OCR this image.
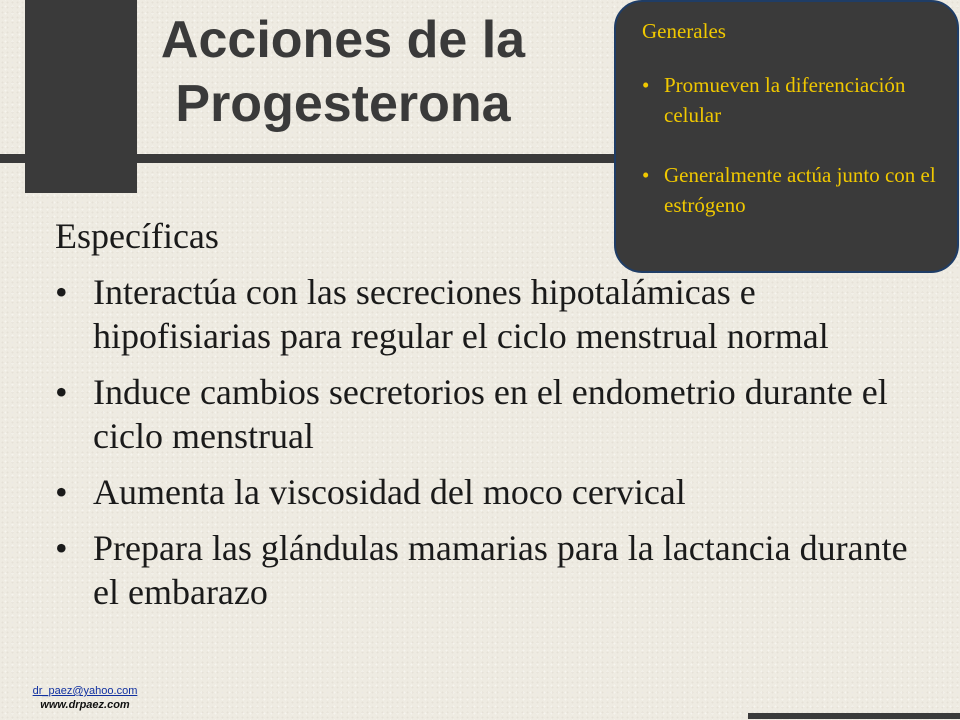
Acciones de la
Progesterona
Generales
• Promueven la diferenciación celular
• Generalmente actúa junto con el estrógeno
Específicas
• Interactúa con las secreciones hipotalámicas e hipofisiarias para regular el ciclo menstrual normal
• Induce cambios secretorios en el endometrio durante el ciclo menstrual
• Aumenta la viscosidad del moco cervical
• Prepara las glándulas mamarias para la lactancia durante el embarazo
dr_paez@yahoo.com
www.drpaez.com
